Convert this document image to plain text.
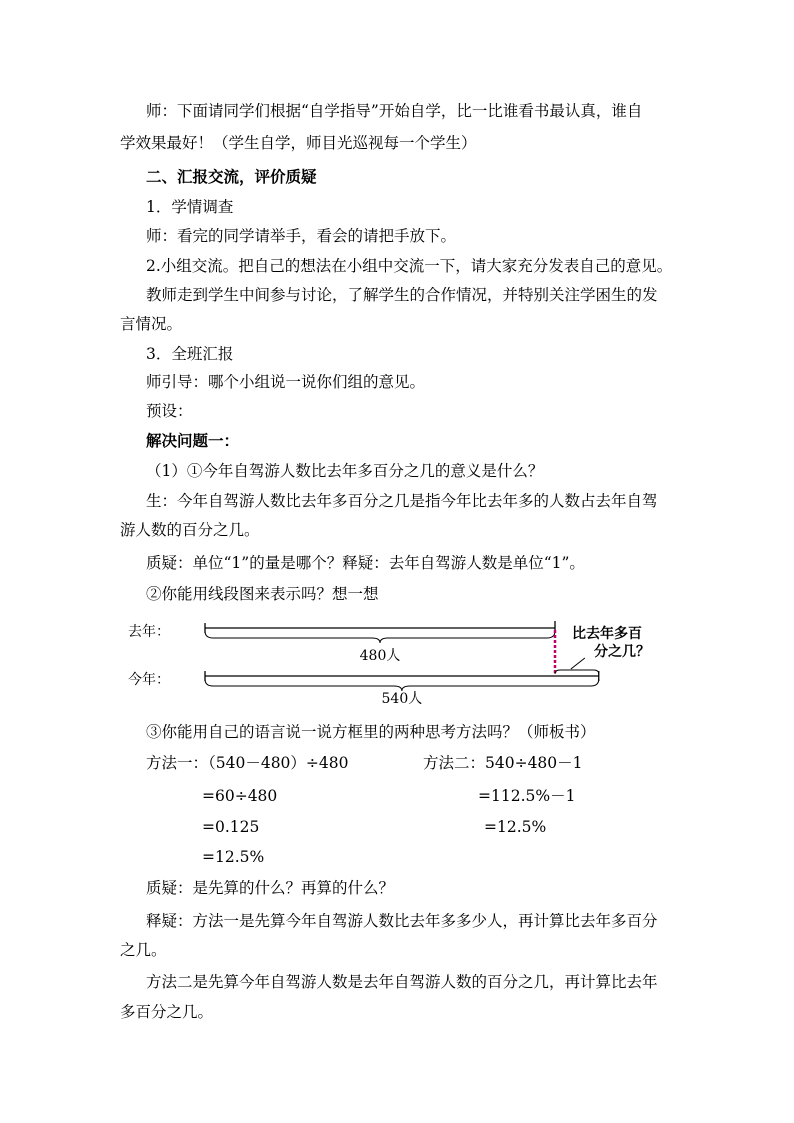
师：下面请同学们根据“自学指导”开始自学，比一比谁看书最认真，谁自
学效果最好！（学生自学，师目光巡视每一个学生）
二、汇报交流，评价质疑
1．学情调查
师：看完的同学请举手，看会的请把手放下。
2.小组交流。把自己的想法在小组中交流一下，请大家充分发表自己的意见。
教师走到学生中间参与讨论，了解学生的合作情况，并特别关注学困生的发
言情况。
3．全班汇报
师引导：哪个小组说一说你们组的意见。
预设：
解决问题一：
（1）①今年自驾游人数比去年多百分之几的意义是什么？
生：今年自驾游人数比去年多百分之几是指今年比去年多的人数占去年自驾
游人数的百分之几。
质疑：单位“1”的量是哪个？释疑：去年自驾游人数是单位“1”。
②你能用线段图来表示吗？想一想
去年：
今年：
480人
540人
比去年多百
分之几？
③你能用自己的语言说一说方框里的两种思考方法吗？（师板书）
方法一：（540－480）÷480	方法二：540÷480－1
=60÷480	=112.5%－1
=0.125	=12.5%
=12.5%
质疑：是先算的什么？再算的什么？
释疑：方法一是先算今年自驾游人数比去年多多少人，再计算比去年多百分
之几。
方法二是先算今年自驾游人数是去年自驾游人数的百分之几，再计算比去年
多百分之几。
